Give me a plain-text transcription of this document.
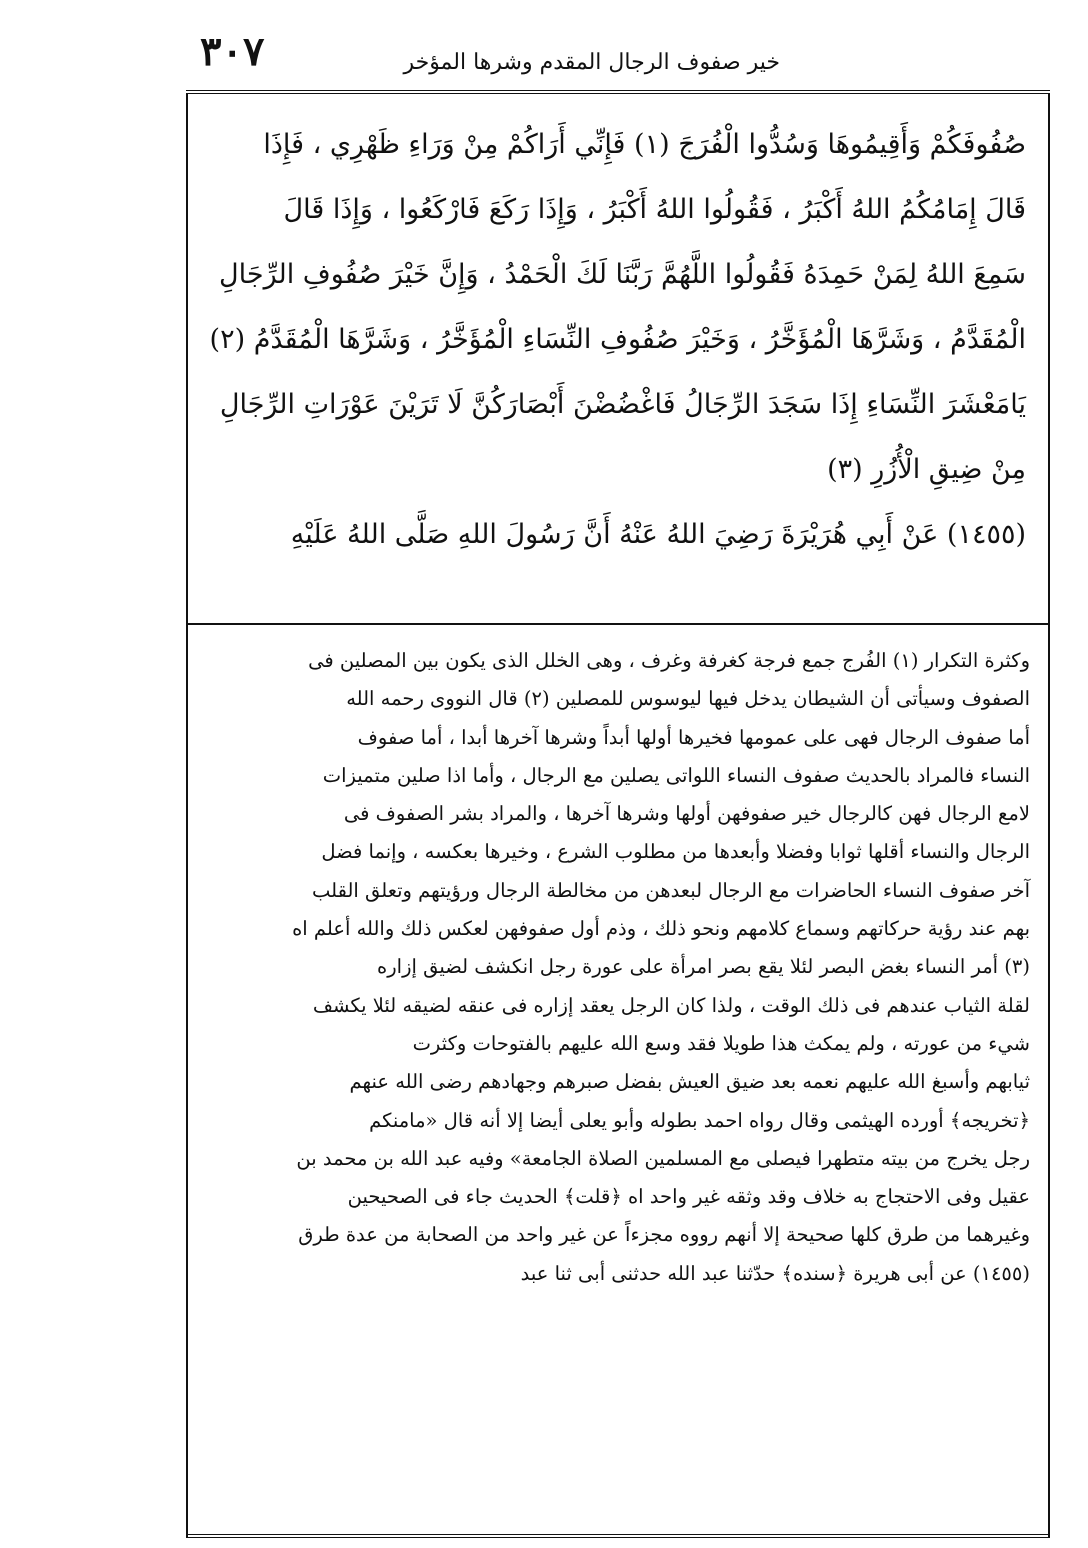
٣٠٧	خير صفوف الرجال المقدم وشرها المؤخر

صُفُوفَكُمْ وَأَقِيمُوهَا وَسُدُّوا الْفُرَجَ (١) فَإِنِّي أَرَاكُمْ مِنْ وَرَاءِ ظَهْرِي ، فَإِذَا

قَالَ إِمَامُكُمُ اللهُ أَكْبَرُ ، فَقُولُوا اللهُ أَكْبَرُ ، وَإِذَا رَكَعَ فَارْكَعُوا ، وَإِذَا قَالَ

سَمِعَ اللهُ لِمَنْ حَمِدَهُ فَقُولُوا اللَّهُمَّ رَبَّنَا لَكَ الْحَمْدُ ، وَإِنَّ خَيْرَ صُفُوفِ الرِّجَالِ

الْمُقَدَّمُ ، وَشَرَّهَا الْمُؤَخَّرُ ، وَخَيْرَ صُفُوفِ النِّسَاءِ الْمُؤَخَّرُ ، وَشَرَّهَا الْمُقَدَّمُ (٢)

يَامَعْشَرَ النِّسَاءِ إِذَا سَجَدَ الرِّجَالُ فَاغْضُضْنَ أَبْصَارَكُنَّ لَا تَرَيْنَ عَوْرَاتِ الرِّجَالِ

مِنْ ضِيقِ الْأُزُرِ (٣)

(١٤٥٥) عَنْ أَبِي هُرَيْرَةَ رَضِيَ اللهُ عَنْهُ أَنَّ رَسُولَ اللهِ صَلَّى اللهُ عَلَيْهِ

وكثرة التكرار (١) الفُرج جمع فرجة كغرفة وغرف ، وهى الخلل الذى يكون بين المصلين فى

الصفوف وسيأتى أن الشيطان يدخل فيها ليوسوس للمصلين (٢) قال النووى رحمه الله

أما صفوف الرجال فهى على عمومها فخيرها أولها أبداً وشرها آخرها أبدا ، أما صفوف

النساء فالمراد بالحديث صفوف النساء اللواتى يصلين مع الرجال ، وأما اذا صلين متميزات

لامع الرجال فهن كالرجال خير صفوفهن أولها وشرها آخرها ، والمراد بشر الصفوف فى

الرجال والنساء أقلها ثوابا وفضلا وأبعدها من مطلوب الشرع ، وخيرها بعكسه ، وإنما فضل

آخر صفوف النساء الحاضرات مع الرجال لبعدهن من مخالطة الرجال ورؤيتهم وتعلق القلب

بهم عند رؤية حركاتهم وسماع كلامهم ونحو ذلك ، وذم أول صفوفهن لعكس ذلك والله أعلم اه

(٣) أمر النساء بغض البصر لئلا يقع بصر امرأة على عورة رجل انكشف لضيق إزاره

لقلة الثياب عندهم فى ذلك الوقت ، ولذا كان الرجل يعقد إزاره فى عنقه لضيقه لئلا يكشف

شيء من عورته ، ولم يمكث هذا طويلا فقد وسع الله عليهم بالفتوحات وكثرت

ثيابهم وأسبغ الله عليهم نعمه بعد ضيق العيش بفضل صبرهم وجهادهم رضى الله عنهم

﴿تخريجه﴾ أورده الهيثمى وقال رواه احمد بطوله وأبو يعلى أيضا إلا أنه قال «مامنكم

رجل يخرج من بيته متطهرا فيصلى مع المسلمين الصلاة الجامعة» وفيه عبد الله بن محمد بن

عقيل وفى الاحتجاج به خلاف وقد وثقه غير واحد اه ﴿قلت﴾ الحديث جاء فى الصحيحين

وغيرهما من طرق كلها صحيحة إلا أنهم رووه مجزءاً عن غير واحد من الصحابة من عدة طرق

(١٤٥٥) عن أبى هريرة ﴿سنده﴾ حدّثنا عبد الله حدثنى أبى ثنا عبد
